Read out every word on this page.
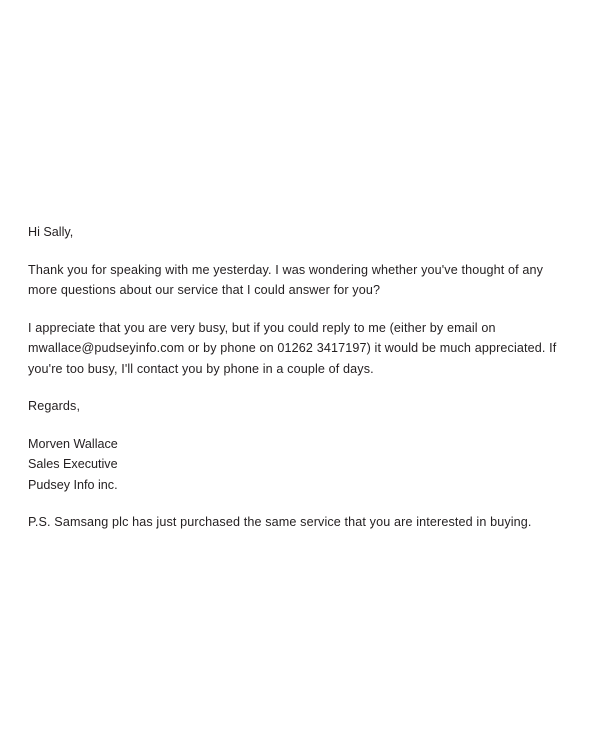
Hi Sally,

Thank you for speaking with me yesterday. I was wondering whether you've thought of any more questions about our service that I could answer for you?

I appreciate that you are very busy, but if you could reply to me (either by email on mwallace@pudseyinfo.com or by phone on 01262 3417197) it would be much appreciated. If you're too busy, I'll contact you by phone in a couple of days.

Regards,

Morven Wallace
Sales Executive
Pudsey Info inc.

P.S. Samsang plc has just purchased the same service that you are interested in buying.
